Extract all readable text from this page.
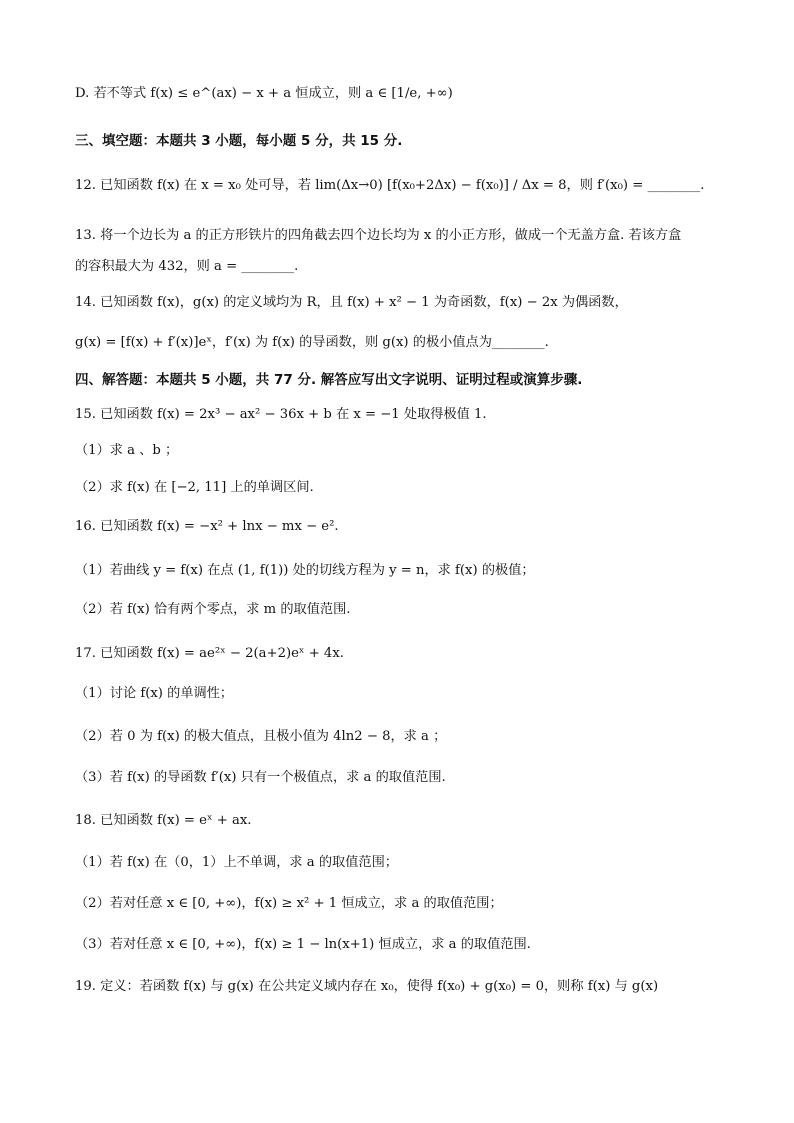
D. 若不等式 f(x) ≤ e^(ax) − x + a 恒成立，则 a ∈ [1/e, +∞)
三、填空题：本题共 3 小题，每小题 5 分，共 15 分.
12. 已知函数 f(x) 在 x = x₀ 处可导，若 lim(Δx→0) [f(x₀+2Δx) − f(x₀)] / Δx = 8，则 f′(x₀) = ________.
13. 将一个边长为 a 的正方形铁片的四角截去四个边长均为 x 的小正方形，做成一个无盖方盒. 若该方盒
的容积最大为 432，则 a = ________.
14. 已知函数 f(x)，g(x) 的定义域均为 R，且 f(x) + x² − 1 为奇函数，f(x) − 2x 为偶函数，
g(x) = [f(x) + f′(x)]eˣ，f′(x) 为 f(x) 的导函数，则 g(x) 的极小值点为________.
四、解答题：本题共 5 小题，共 77 分. 解答应写出文字说明、证明过程或演算步骤.
15. 已知函数 f(x) = 2x³ − ax² − 36x + b 在 x = −1 处取得极值 1.
（1）求 a 、b ；
（2）求 f(x) 在 [−2, 11] 上的单调区间.
16. 已知函数 f(x) = −x² + lnx − mx − e².
（1）若曲线 y = f(x) 在点 (1, f(1)) 处的切线方程为 y = n，求 f(x) 的极值；
（2）若 f(x) 恰有两个零点，求 m 的取值范围.
17. 已知函数 f(x) = ae²ˣ − 2(a+2)eˣ + 4x.
（1）讨论 f(x) 的单调性；
（2）若 0 为 f(x) 的极大值点，且极小值为 4ln2 − 8，求 a ；
（3）若 f(x) 的导函数 f′(x) 只有一个极值点，求 a 的取值范围.
18. 已知函数 f(x) = eˣ + ax.
（1）若 f(x) 在（0，1）上不单调，求 a 的取值范围；
（2）若对任意 x ∈ [0, +∞)，f(x) ≥ x² + 1 恒成立，求 a 的取值范围；
（3）若对任意 x ∈ [0, +∞)，f(x) ≥ 1 − ln(x+1) 恒成立，求 a 的取值范围.
19. 定义：若函数 f(x) 与 g(x) 在公共定义域内存在 x₀，使得 f(x₀) + g(x₀) = 0，则称 f(x) 与 g(x)
